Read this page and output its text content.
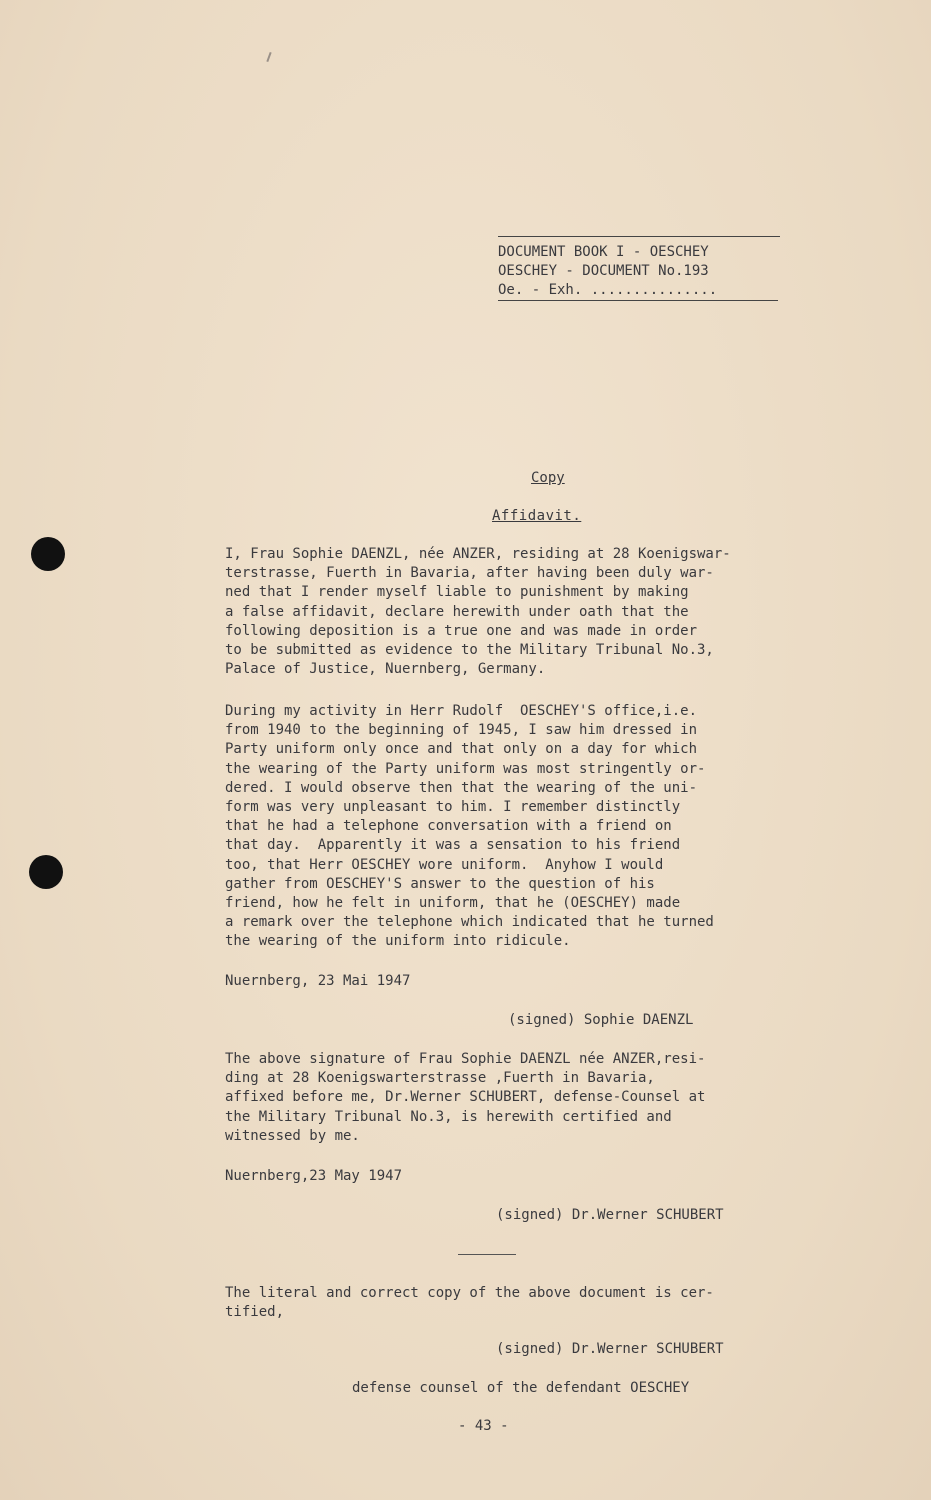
DOCUMENT BOOK I - OESCHEY
OESCHEY - DOCUMENT No.193
Oe. - Exh. ...............
Copy
Affidavit.
I, Frau Sophie DAENZL, née ANZER, residing at 28 Koenigswar-
terstrasse, Fuerth in Bavaria, after having been duly war-
ned that I render myself liable to punishment by making
a false affidavit, declare herewith under oath that the
following deposition is a true one and was made in order
to be submitted as evidence to the Military Tribunal No.3,
Palace of Justice, Nuernberg, Germany.
During my activity in Herr Rudolf  OESCHEY'S office,i.e.
from 1940 to the beginning of 1945, I saw him dressed in
Party uniform only once and that only on a day for which
the wearing of the Party uniform was most stringently or-
dered. I would observe then that the wearing of the uni-
form was very unpleasant to him. I remember distinctly
that he had a telephone conversation with a friend on
that day.  Apparently it was a sensation to his friend
too, that Herr OESCHEY wore uniform.  Anyhow I would
gather from OESCHEY'S answer to the question of his
friend, how he felt in uniform, that he (OESCHEY) made
a remark over the telephone which indicated that he turned
the wearing of the uniform into ridicule.
Nuernberg, 23 Mai 1947
(signed) Sophie DAENZL
The above signature of Frau Sophie DAENZL née ANZER,resi-
ding at 28 Koenigswarterstrasse ,Fuerth in Bavaria,
affixed before me, Dr.Werner SCHUBERT, defense-Counsel at
the Military Tribunal No.3, is herewith certified and
witnessed by me.
Nuernberg,23 May 1947
(signed) Dr.Werner SCHUBERT
The literal and correct copy of the above document is cer-
tified,
(signed) Dr.Werner SCHUBERT
defense counsel of the defendant OESCHEY
- 43 -
